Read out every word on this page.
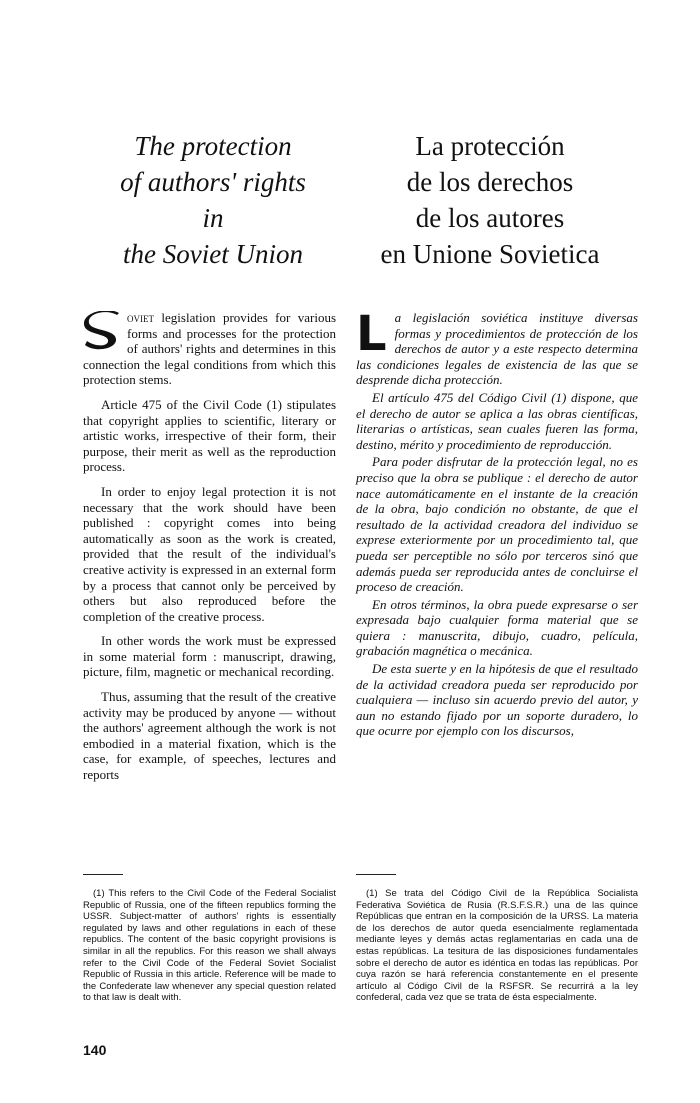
The protection
of authors' rights
in
the Soviet Union
La protección
de los derechos
de los autores
en Unione Sovietica

oviet legislation provides for various forms and processes for the protection of authors' rights and determines in this connection the legal conditions from which this protection stems.

Article 475 of the Civil Code (1) stipulates that copyright applies to scientific, literary or artistic works, irrespective of their form, their purpose, their merit as well as the reproduction process.

In order to enjoy legal protection it is not necessary that the work should have been published : copyright comes into being automatically as soon as the work is created, provided that the result of the individual's creative activity is expressed in an external form by a process that cannot only be perceived by others but also reproduced before the completion of the creative process.

In other words the work must be expressed in some material form : manuscript, drawing, picture, film, magnetic or mechanical recording.

Thus, assuming that the result of the creative activity may be produced by anyone — without the authors' agreement although the work is not embodied in a material fixation, which is the case, for example, of speeches, lectures and reports

La legislación soviética instituye diversas formas y procedimientos de protección de los derechos de autor y a este respecto determina las condiciones legales de existencia de las que se desprende dicha protección.

El artículo 475 del Código Civil (1) dispone, que el derecho de autor se aplica a las obras científicas, literarias o artísticas, sean cuales fueren las forma, destino, mérito y procedimiento de reproducción.

Para poder disfrutar de la protección legal, no es preciso que la obra se publique : el derecho de autor nace automáticamente en el instante de la creación de la obra, bajo condición no obstante, de que el resultado de la actividad creadora del individuo se exprese exteriormente por un procedimiento tal, que pueda ser perceptible no sólo por terceros sinó que además pueda ser reproducida antes de concluirse el proceso de creación.

En otros términos, la obra puede expresarse o ser expresada bajo cualquier forma material que se quiera : manuscrita, dibujo, cuadro, película, grabación magnética o mecánica.

De esta suerte y en la hipótesis de que el resultado de la actividad creadora pueda ser reproducido por cualquiera — incluso sin acuerdo previo del autor, y aun no estando fijado por un soporte duradero, lo que ocurre por ejemplo con los discursos,

(1) This refers to the Civil Code of the Federal Socialist Republic of Russia, one of the fifteen republics forming the USSR. Subject-matter of authors' rights is essentially regulated by laws and other regulations in each of these republics. The content of the basic copyright provisions is similar in all the republics. For this reason we shall always refer to the Civil Code of the Federal Soviet Socialist Republic of Russia in this article. Reference will be made to the Confederate law whenever any special question related to that law is dealt with.

(1) Se trata del Código Civil de la República Socialista Federativa Soviética de Rusia (R.S.F.S.R.) una de las quince Repúblicas que entran en la composición de la URSS. La materia de los derechos de autor queda esencialmente reglamentada mediante leyes y demás actas reglamentarias en cada una de estas repúblicas. La tesitura de las disposiciones fundamentales sobre el derecho de autor es idéntica en todas las repúblicas. Por cuya razón se hará referencia constantemente en el presente artículo al Código Civil de la RSFSR. Se recurrirá a la ley confederal, cada vez que se trata de ésta especialmente.

140
